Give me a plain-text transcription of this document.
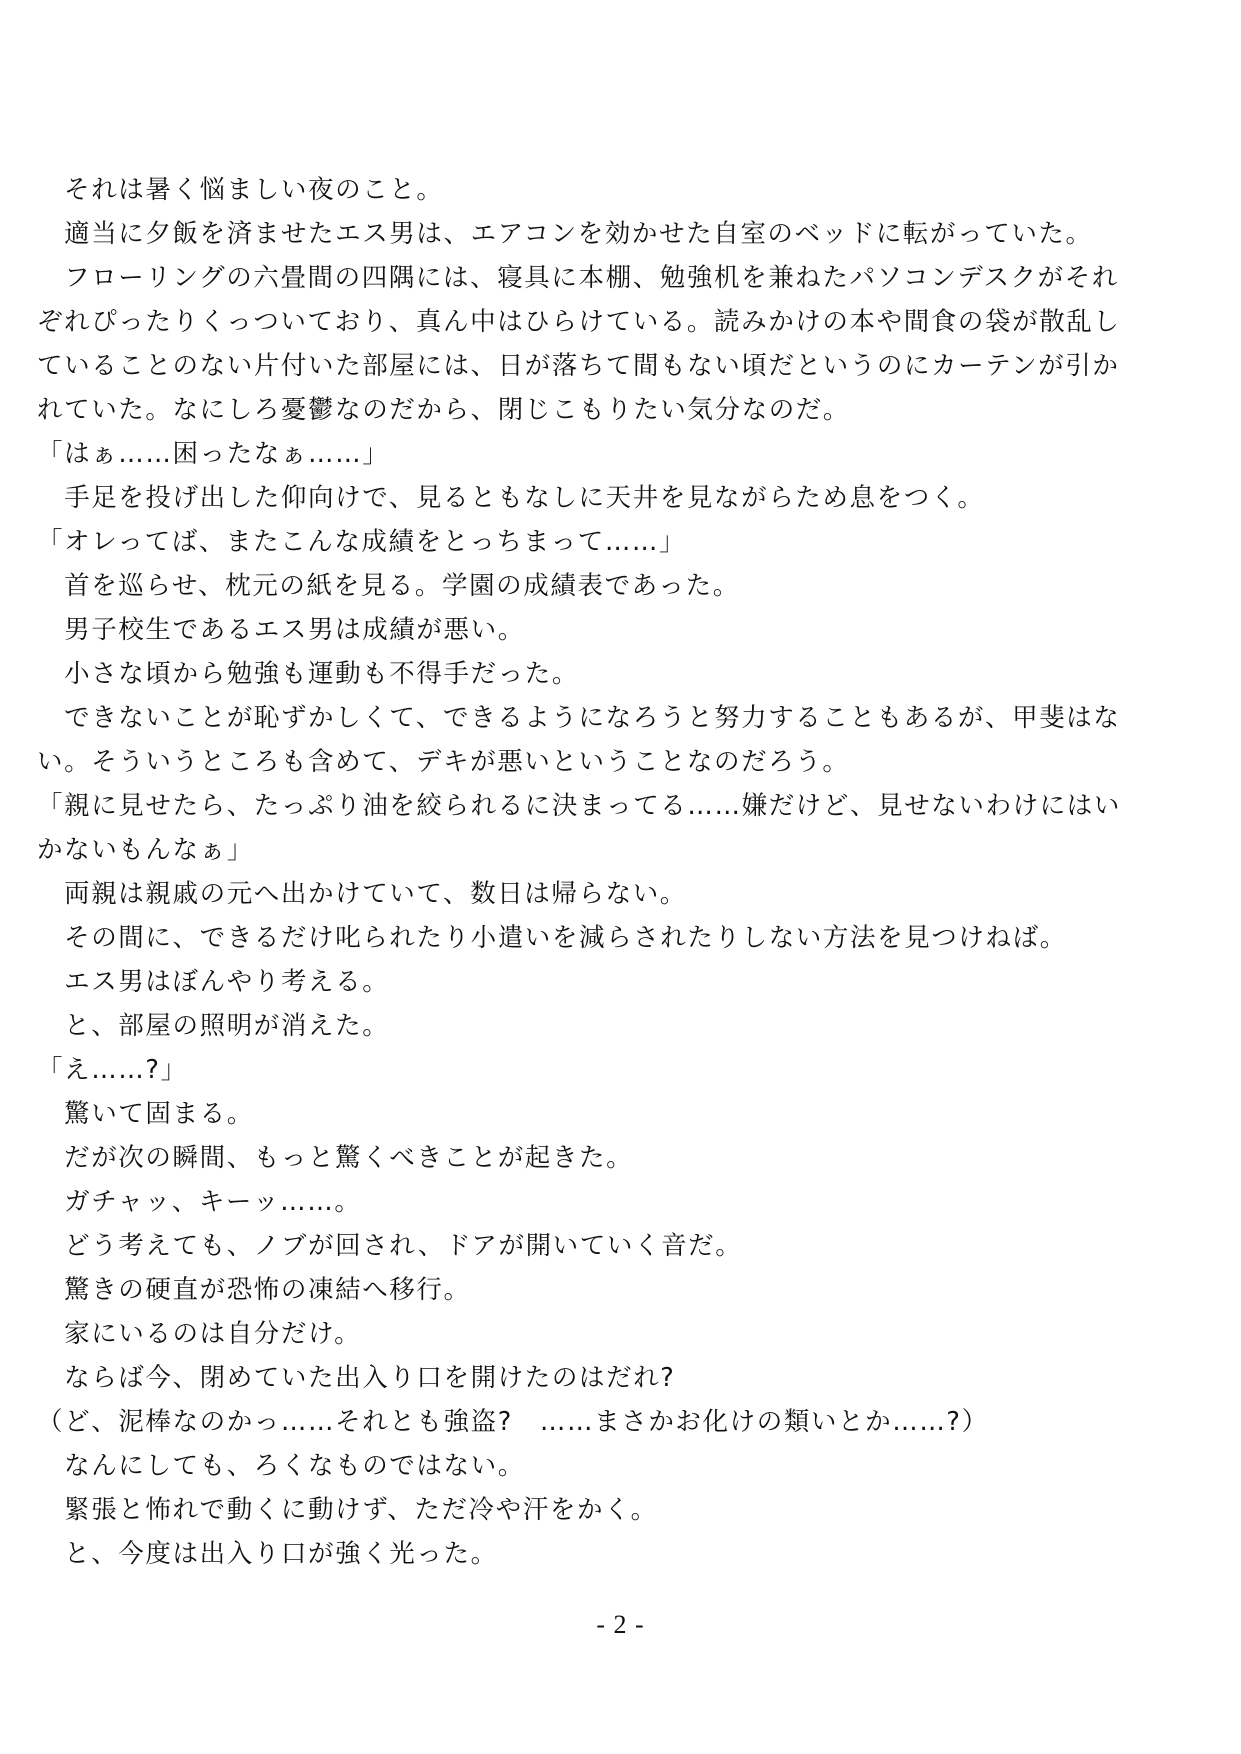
　それは暑く悩ましい夜のこと。

　適当に夕飯を済ませたエス男は、エアコンを効かせた自室のベッドに転がっていた。

　フローリングの六畳間の四隅には、寝具に本棚、勉強机を兼ねたパソコンデスクがそれ

ぞれぴったりくっついており、真ん中はひらけている。読みかけの本や間食の袋が散乱し

ていることのない片付いた部屋には、日が落ちて間もない頃だというのにカーテンが引か

れていた。なにしろ憂鬱なのだから、閉じこもりたい気分なのだ。

「はぁ……困ったなぁ……」

　手足を投げ出した仰向けで、見るともなしに天井を見ながらため息をつく。

「オレってば、またこんな成績をとっちまって……」

　首を巡らせ、枕元の紙を見る。学園の成績表であった。

　男子校生であるエス男は成績が悪い。

　小さな頃から勉強も運動も不得手だった。

　できないことが恥ずかしくて、できるようになろうと努力することもあるが、甲斐はな

い。そういうところも含めて、デキが悪いということなのだろう。

「親に見せたら、たっぷり油を絞られるに決まってる……嫌だけど、見せないわけにはい

かないもんなぁ」

　両親は親戚の元へ出かけていて、数日は帰らない。

　その間に、できるだけ叱られたり小遣いを減らされたりしない方法を見つけねば。

　エス男はぼんやり考える。

　と、部屋の照明が消えた。

「え……?」

　驚いて固まる。

　だが次の瞬間、もっと驚くべきことが起きた。

　ガチャッ、キーッ……。

　どう考えても、ノブが回され、ドアが開いていく音だ。

　驚きの硬直が恐怖の凍結へ移行。

　家にいるのは自分だけ。

　ならば今、閉めていた出入り口を開けたのはだれ?

（ど、泥棒なのかっ……それとも強盗?　……まさかお化けの類いとか……?）

　なんにしても、ろくなものではない。

　緊張と怖れで動くに動けず、ただ冷や汗をかく。

　と、今度は出入り口が強く光った。

- 2 -
